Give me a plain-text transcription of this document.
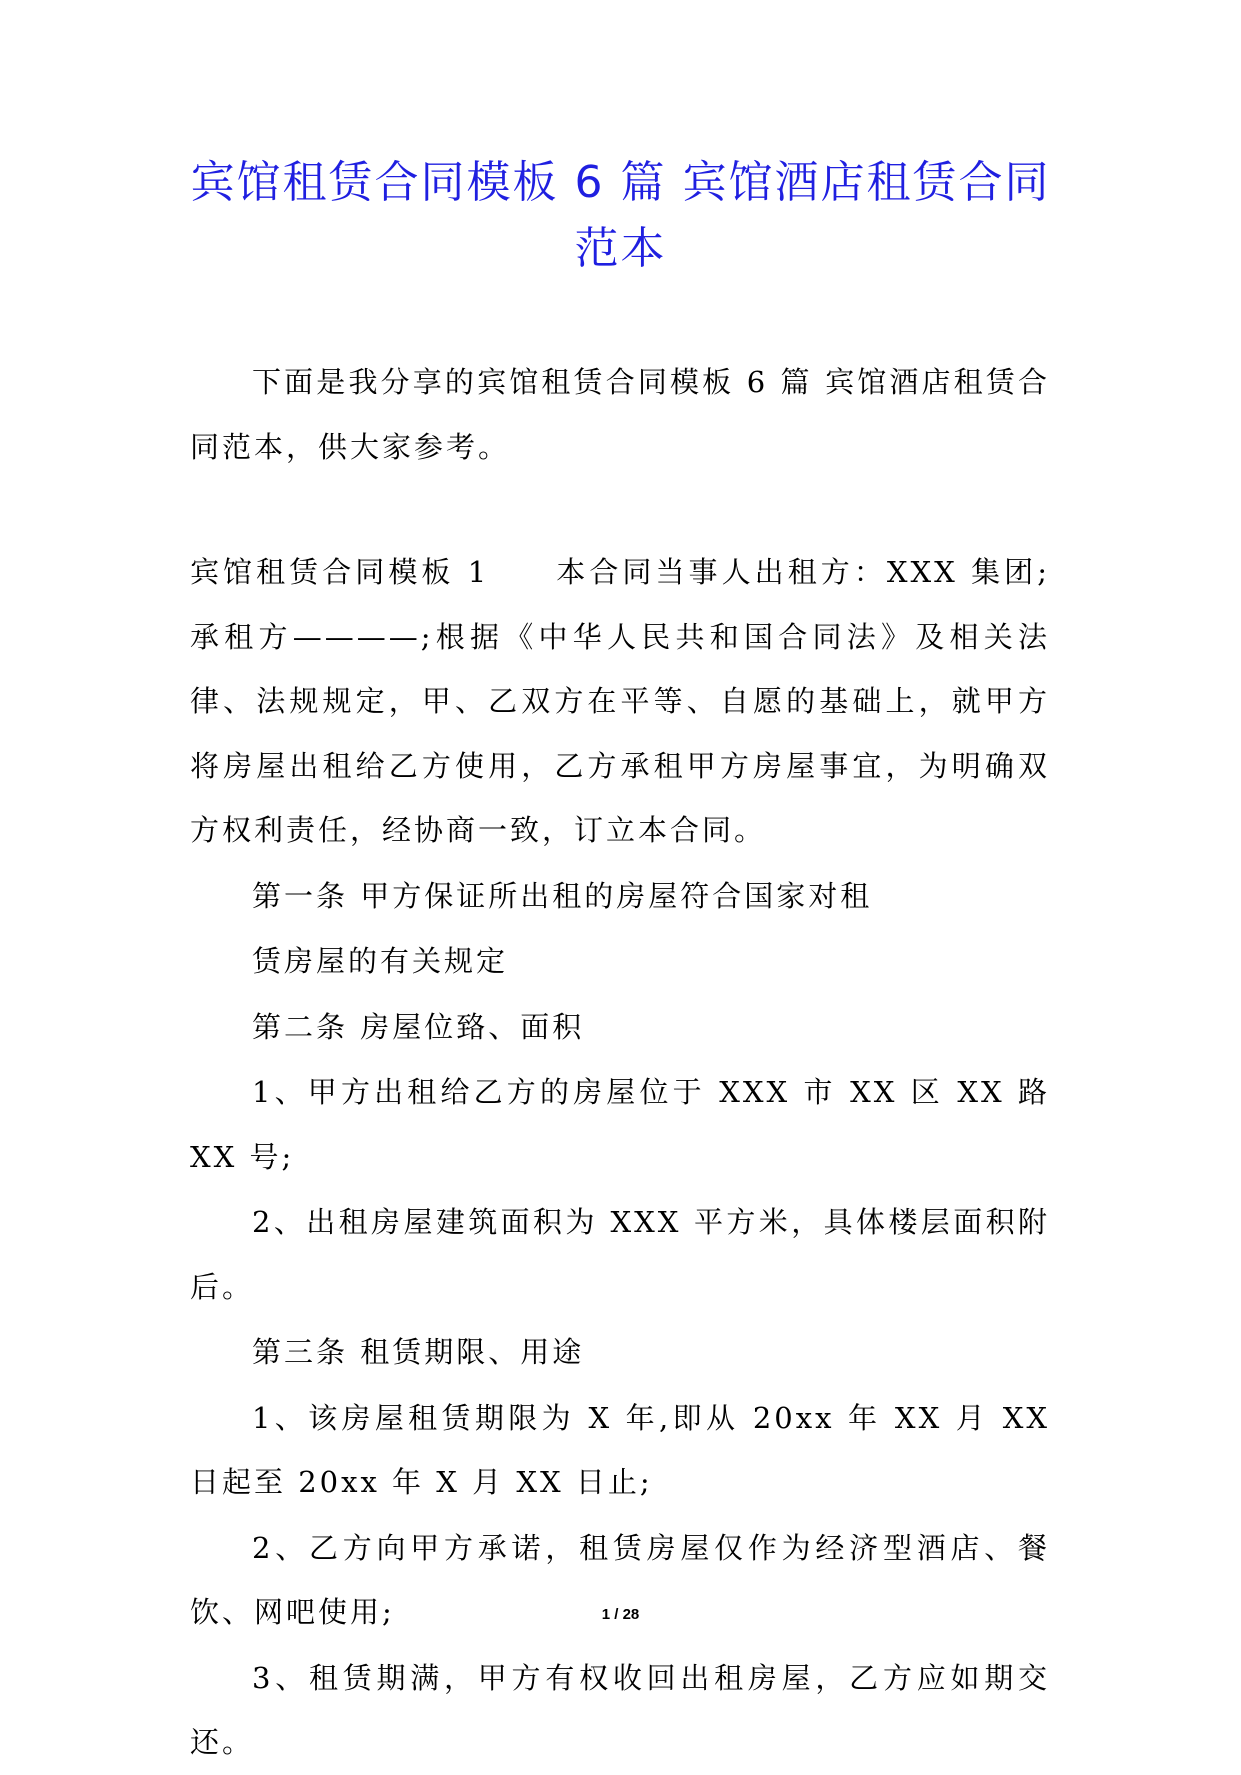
宾馆租赁合同模板 6 篇 宾馆酒店租赁合同
范本

下面是我分享的宾馆租赁合同模板 6 篇 宾馆酒店租赁合同范本，供大家参考。

宾馆租赁合同模板 1 本合同当事人出租方：XXX 集团;承租方————;根据《中华人民共和国合同法》及相关法律、法规规定，甲、乙双方在平等、自愿的基础上，就甲方将房屋出租给乙方使用，乙方承租甲方房屋事宜，为明确双方权利责任，经协商一致，订立本合同。

第一条 甲方保证所出租的房屋符合国家对租

赁房屋的有关规定

第二条 房屋位臵、面积

1、甲方出租给乙方的房屋位于 XXX 市 XX 区 XX 路 XX 号;

2、出租房屋建筑面积为 XXX 平方米，具体楼层面积附后。

第三条 租赁期限、用途

1、该房屋租赁期限为 X 年,即从 20xx 年 XX 月 XX 日起至 20xx 年 X 月 XX 日止;

2、乙方向甲方承诺，租赁房屋仅作为经济型酒店、餐饮、网吧使用;

3、租赁期满，甲方有权收回出租房屋，乙方应如期交还。

1 / 28
